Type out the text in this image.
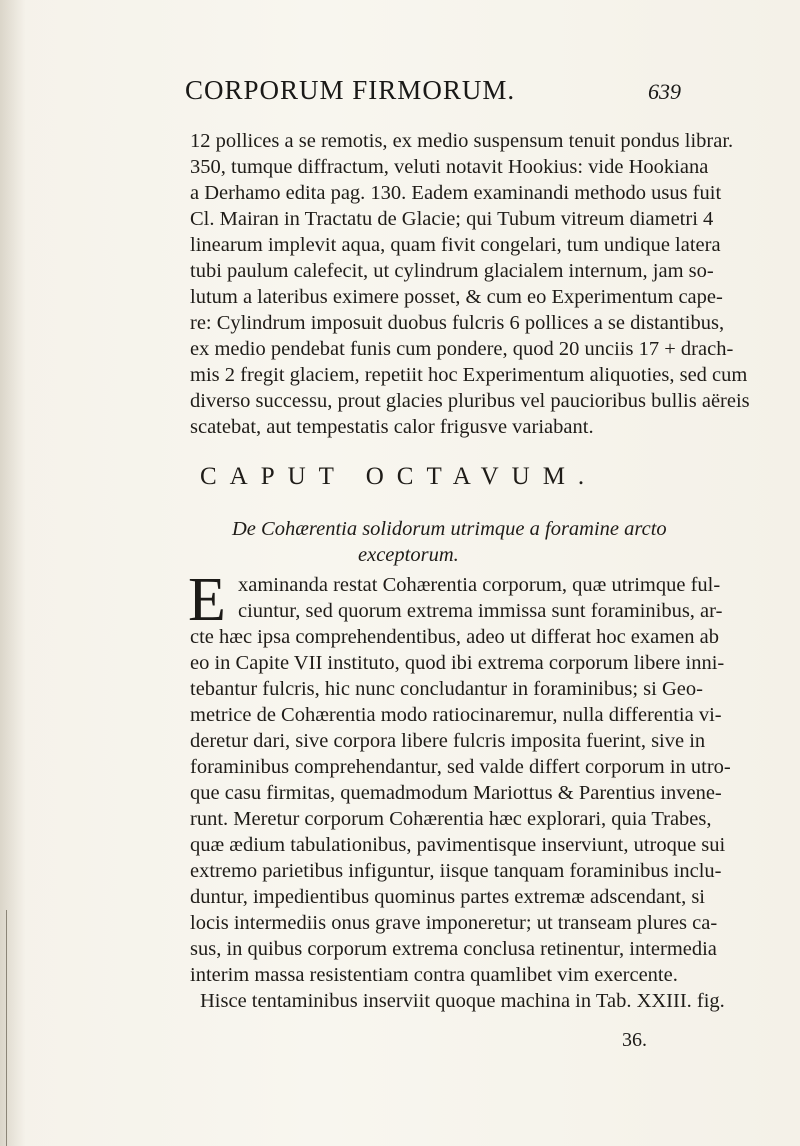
CORPORUM FIRMORUM.	639
12 pollices a se remotis, ex medio suspensum tenuit pondus librar.
350, tumque diffractum, veluti notavit Hookius: vide Hookiana
a Derhamo edita pag. 130. Eadem examinandi methodo usus fuit
Cl. Mairan in Tractatu de Glacie; qui Tubum vitreum diametri 4
linearum implevit aqua, quam fivit congelari, tum undique latera
tubi paulum calefecit, ut cylindrum glacialem internum, jam so-
lutum a lateribus eximere posset, & cum eo Experimentum cape-
re: Cylindrum imposuit duobus fulcris 6 pollices a se distantibus,
ex medio pendebat funis cum pondere, quod 20 unciis 17 + drach-
mis 2 fregit glaciem, repetiit hoc Experimentum aliquoties, sed cum
diverso successu, prout glacies pluribus vel paucioribus bullis aëreis
scatebat, aut tempestatis calor frigusve variabant.
CAPUT OCTAVUM.
De Cohærentia solidorum utrimque a foramine arcto
exceptorum.
E xaminanda restat Cohærentia corporum, quæ utrimque ful-
ciuntur, sed quorum extrema immissa sunt foraminibus, ar-
cte hæc ipsa comprehendentibus, adeo ut differat hoc examen ab
eo in Capite VII instituto, quod ibi extrema corporum libere inni-
tebantur fulcris, hic nunc concludantur in foraminibus; si Geo-
metrice de Cohærentia modo ratiocinaremur, nulla differentia vi-
deretur dari, sive corpora libere fulcris imposita fuerint, sive in
foraminibus comprehendantur, sed valde differt corporum in utro-
que casu firmitas, quemadmodum Mariottus & Parentius invene-
runt. Meretur corporum Cohærentia hæc explorari, quia Trabes,
quæ ædium tabulationibus, pavimentisque inserviunt, utroque sui
extremo parietibus infiguntur, iisque tanquam foraminibus inclu-
duntur, impedientibus quominus partes extremæ adscendant, si
locis intermediis onus grave imponeretur; ut transeam plures ca-
sus, in quibus corporum extrema conclusa retinentur, intermedia
interim massa resistentiam contra quamlibet vim exercente.
Hisce tentaminibus inserviit quoque machina in Tab. XXIII. fig.
36.
